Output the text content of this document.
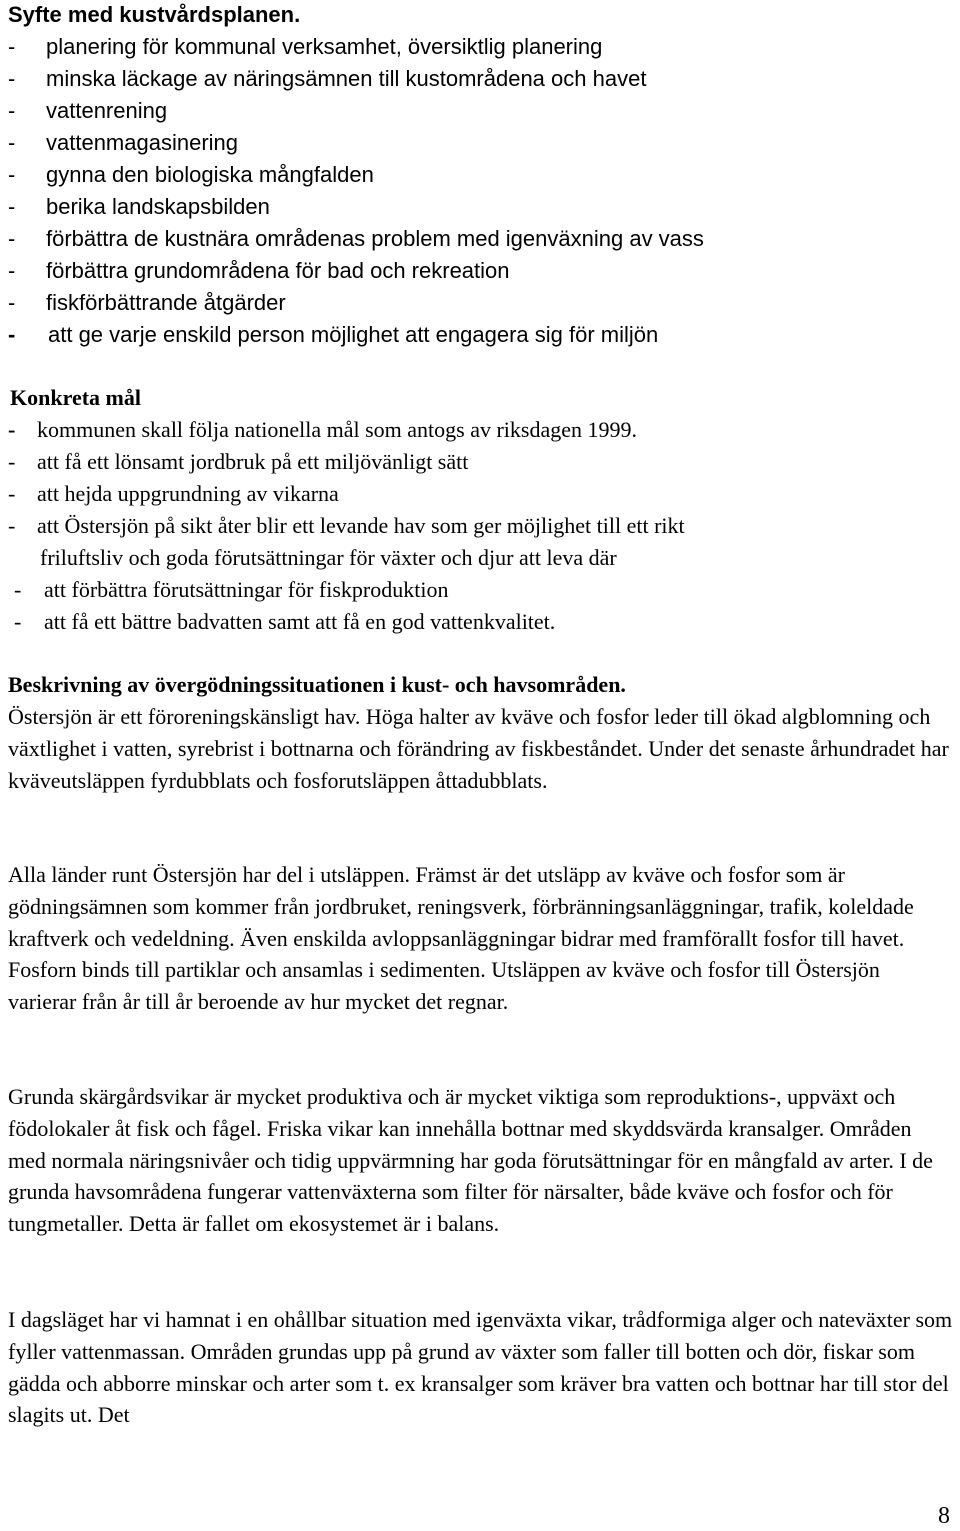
Syfte med kustvårdsplanen.
- planering för kommunal verksamhet, översiktlig planering
- minska läckage av näringsämnen till kustområdena och havet
- vattenrening
- vattenmagasinering
- gynna den biologiska mångfalden
- berika landskapsbilden
- förbättra de kustnära områdenas problem med igenväxning av vass
- förbättra grundområdena för bad och rekreation
- fiskförbättrande åtgärder
- att ge varje enskild person möjlighet att engagera sig för miljön
Konkreta mål
- kommunen skall följa nationella mål som antogs av riksdagen 1999.
- att få ett lönsamt jordbruk på ett miljövänligt sätt
- att hejda uppgrundning av vikarna
- att Östersjön på sikt åter blir ett levande hav som ger möjlighet till ett rikt
friluftsliv och goda förutsättningar för växter och djur att leva där
- att förbättra förutsättningar för fiskproduktion
- att få ett bättre badvatten samt att få en god vattenkvalitet.
Beskrivning av övergödningssituationen i kust- och havsområden.

Östersjön är ett föroreningskänsligt hav. Höga halter av kväve och fosfor leder till ökad algblomning och växtlighet i vatten, syrebrist i bottnarna och förändring av fiskbeståndet. Under det senaste århundradet har kväveutsläppen fyrdubblats och fosforutsläppen åttadubblats.

Alla länder runt Östersjön har del i utsläppen. Främst är det utsläpp av kväve och fosfor som är gödningsämnen som kommer från jordbruket, reningsverk, förbränningsanläggningar, trafik, koleldade kraftverk och vedeldning. Även enskilda avloppsanläggningar bidrar med framförallt fosfor till havet. Fosforn binds till partiklar och ansamlas i sedimenten. Utsläppen av kväve och fosfor till Östersjön varierar från år till år beroende av hur mycket det regnar.

Grunda skärgårdsvikar är mycket produktiva och är mycket viktiga som reproduktions-, uppväxt och födolokaler åt fisk och fågel. Friska vikar kan innehålla bottnar med skyddsvärda kransalger. Områden med normala näringsnivåer och tidig uppvärmning har goda förutsättningar för en mångfald av arter. I de grunda havsområdena fungerar vattenväxterna som filter för närsalter, både kväve och fosfor och för tungmetaller. Detta är fallet om ekosystemet är i balans.

I dagsläget har vi hamnat i en ohållbar situation med igenväxta vikar, trådformiga alger och nateväxter som fyller vattenmassan. Områden grundas upp på grund av växter som faller till botten och dör, fiskar som gädda och abborre minskar och arter som t. ex kransalger som kräver bra vatten och bottnar har till stor del slagits ut. Det

8
